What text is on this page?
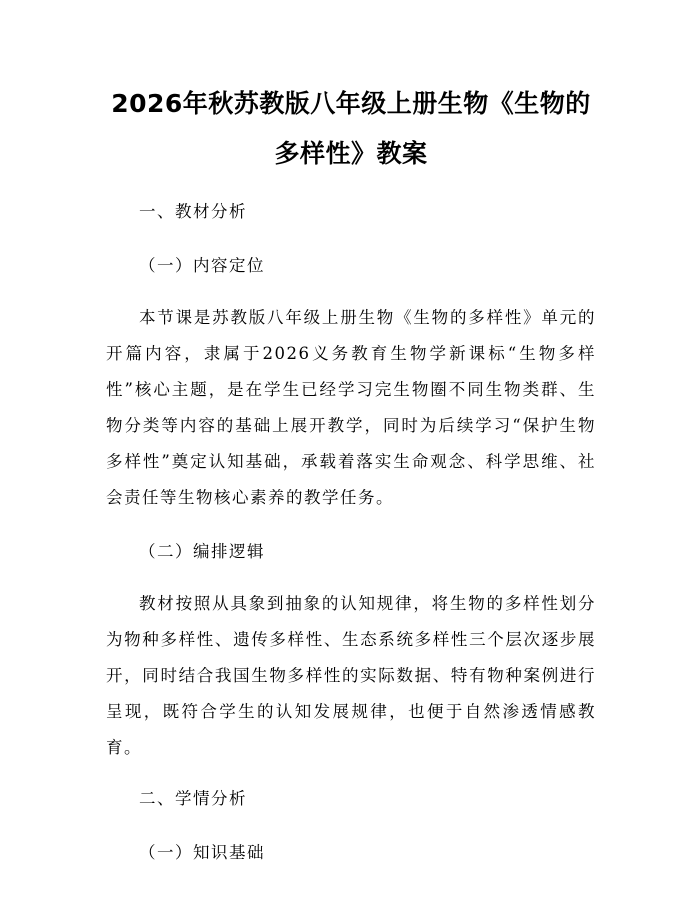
2026年秋苏教版八年级上册生物《生物的多样性》教案

一、教材分析

（一）内容定位

本节课是苏教版八年级上册生物《生物的多样性》单元的开篇内容，隶属于2026义务教育生物学新课标“生物多样性”核心主题，是在学生已经学习完生物圈不同生物类群、生物分类等内容的基础上展开教学，同时为后续学习“保护生物多样性”奠定认知基础，承载着落实生命观念、科学思维、社会责任等生物核心素养的教学任务。

（二）编排逻辑

教材按照从具象到抽象的认知规律，将生物的多样性划分为物种多样性、遗传多样性、生态系统多样性三个层次逐步展开，同时结合我国生物多样性的实际数据、特有物种案例进行呈现，既符合学生的认知发展规律，也便于自然渗透情感教育。

二、学情分析

（一）知识基础
